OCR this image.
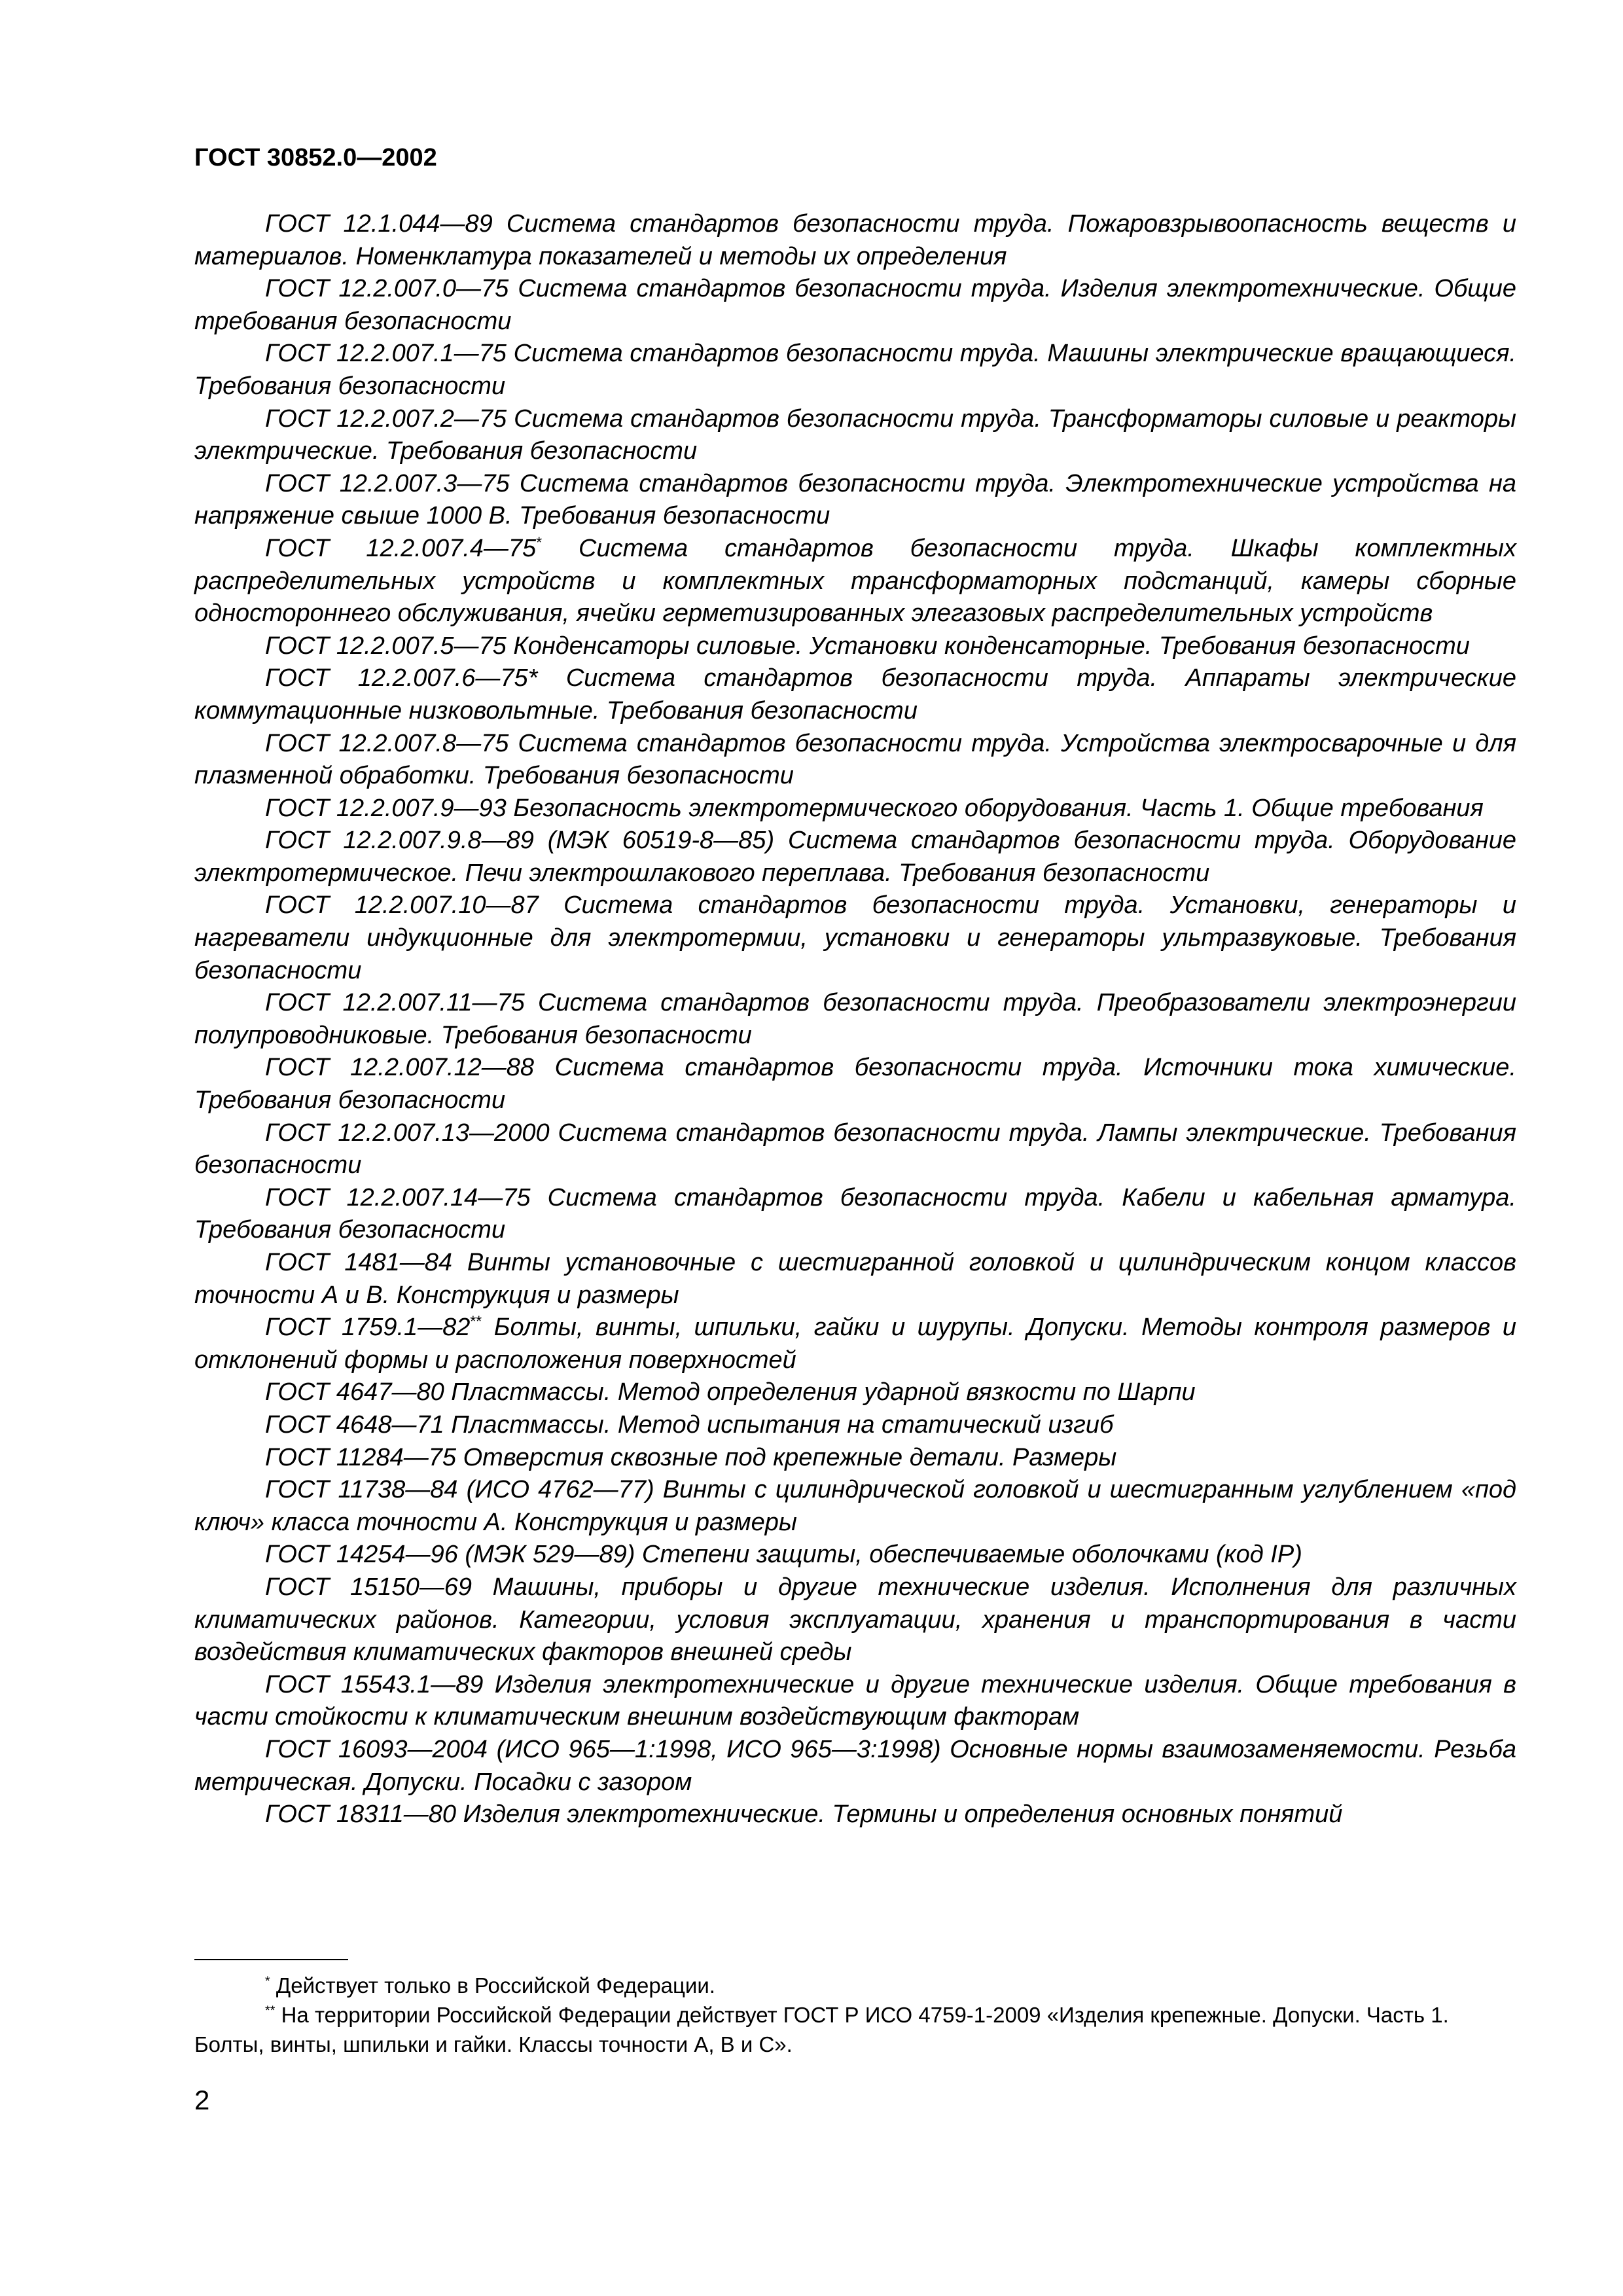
ГОСТ 30852.0—2002

ГОСТ 12.1.044—89 Система стандартов безопасности труда. Пожаровзрывоопасность веществ и материалов. Номенклатура показателей и методы их определения

ГОСТ 12.2.007.0—75 Система стандартов безопасности труда. Изделия электротехнические. Общие требования безопасности

ГОСТ 12.2.007.1—75 Система стандартов безопасности труда. Машины электрические вращающиеся. Требования безопасности

ГОСТ 12.2.007.2—75 Система стандартов безопасности труда. Трансформаторы силовые и реакторы электрические. Требования безопасности

ГОСТ 12.2.007.3—75 Система стандартов безопасности труда. Электротехнические устройства на напряжение свыше 1000 В. Требования безопасности

ГОСТ 12.2.007.4—75* Система стандартов безопасности труда. Шкафы комплектных распределительных устройств и комплектных трансформаторных подстанций, камеры сборные одностороннего обслуживания, ячейки герметизированных элегазовых распределительных устройств

ГОСТ 12.2.007.5—75 Конденсаторы силовые. Установки конденсаторные. Требования безопасности

ГОСТ 12.2.007.6—75* Система стандартов безопасности труда. Аппараты электрические коммутационные низковольтные. Требования безопасности

ГОСТ 12.2.007.8—75 Система стандартов безопасности труда. Устройства электросварочные и для плазменной обработки. Требования безопасности

ГОСТ 12.2.007.9—93 Безопасность электротермического оборудования. Часть 1. Общие требования

ГОСТ 12.2.007.9.8—89 (МЭК 60519-8—85) Система стандартов безопасности труда. Оборудование электротермическое. Печи электрошлакового переплава. Требования безопасности

ГОСТ 12.2.007.10—87 Система стандартов безопасности труда. Установки, генераторы и нагреватели индукционные для электротермии, установки и генераторы ультразвуковые. Требования безопасности

ГОСТ 12.2.007.11—75 Система стандартов безопасности труда. Преобразователи электроэнергии полупроводниковые. Требования безопасности

ГОСТ 12.2.007.12—88 Система стандартов безопасности труда. Источники тока химические. Требования безопасности

ГОСТ 12.2.007.13—2000 Система стандартов безопасности труда. Лампы электрические. Требования безопасности

ГОСТ 12.2.007.14—75 Система стандартов безопасности труда. Кабели и кабельная арматура. Требования безопасности

ГОСТ 1481—84 Винты установочные с шестигранной головкой и цилиндрическим концом классов точности А и В. Конструкция и размеры

ГОСТ 1759.1—82** Болты, винты, шпильки, гайки и шурупы. Допуски. Методы контроля размеров и отклонений формы и расположения поверхностей

ГОСТ 4647—80 Пластмассы. Метод определения ударной вязкости по Шарпи

ГОСТ 4648—71 Пластмассы. Метод испытания на статический изгиб

ГОСТ 11284—75 Отверстия сквозные под крепежные детали. Размеры

ГОСТ 11738—84 (ИСО 4762—77) Винты с цилиндрической головкой и шестигранным углублением «под ключ» класса точности А. Конструкция и размеры

ГОСТ 14254—96 (МЭК 529—89) Степени защиты, обеспечиваемые оболочками (код IP)

ГОСТ 15150—69 Машины, приборы и другие технические изделия. Исполнения для различных климатических районов. Категории, условия эксплуатации, хранения и транспортирования в части воздействия климатических факторов внешней среды

ГОСТ 15543.1—89 Изделия электротехнические и другие технические изделия. Общие требования в части стойкости к климатическим внешним воздействующим факторам

ГОСТ 16093—2004 (ИСО 965—1:1998, ИСО 965—3:1998) Основные нормы взаимозаменяемости. Резьба метрическая. Допуски. Посадки с зазором

ГОСТ 18311—80 Изделия электротехнические. Термины и определения основных понятий

* Действует только в Российской Федерации.

** На территории Российской Федерации действует ГОСТ Р ИСО 4759-1-2009 «Изделия крепежные. Допуски. Часть 1. Болты, винты, шпильки и гайки. Классы точности А, В и С».

2
